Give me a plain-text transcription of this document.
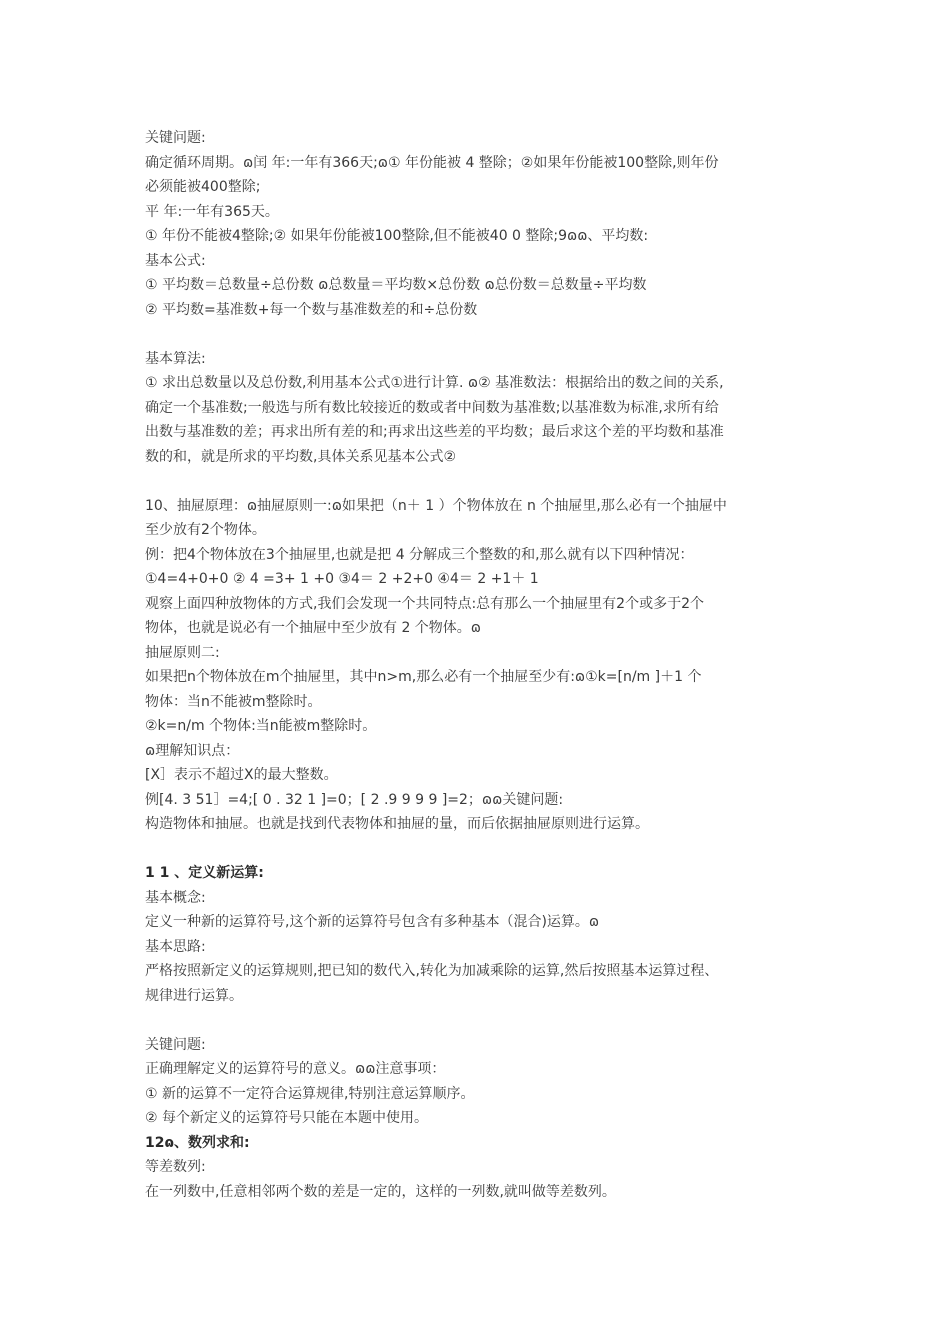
关键问题:
确定循环周期。ɷ闰 年:一年有366天;ɷ① 年份能被 4 整除；②如果年份能被100整除,则年份
必须能被400整除;
平 年:一年有365天。
① 年份不能被4整除;② 如果年份能被100整除,但不能被40 0 整除;9ɷɷ、平均数:
基本公式:
① 平均数＝总数量÷总份数 ɷ总数量＝平均数×总份数 ɷ总份数＝总数量÷平均数
② 平均数=基准数+每一个数与基准数差的和÷总份数
基本算法:
① 求出总数量以及总份数,利用基本公式①进行计算. ɷ② 基准数法：根据给出的数之间的关系,
确定一个基准数;一般选与所有数比较接近的数或者中间数为基准数;以基准数为标准,求所有给
出数与基准数的差；再求出所有差的和;再求出这些差的平均数；最后求这个差的平均数和基准
数的和，就是所求的平均数,具体关系见基本公式②
10、抽屉原理：ɷ抽屉原则一:ɷ如果把（n＋ 1 ）个物体放在 n 个抽屉里,那么必有一个抽屉中
至少放有2个物体。
例：把4个物体放在3个抽屉里,也就是把 4 分解成三个整数的和,那么就有以下四种情况：
①4=4+0+0 ② 4 =3+ 1 +0 ③4＝ 2 +2+0 ④4＝ 2 +1＋ 1
观察上面四种放物体的方式,我们会发现一个共同特点:总有那么一个抽屉里有2个或多于2个
物体，也就是说必有一个抽屉中至少放有 2 个物体。ɷ
抽屉原则二:
如果把n个物体放在m个抽屉里，其中n>m,那么必有一个抽屉至少有:ɷ①k=[n/m ]＋1 个
物体：当n不能被m整除时。
②k=n/m 个物体:当n能被m整除时。
ɷ理解知识点：
[X］表示不超过X的最大整数。
例[4. 3 51］=4;[ 0 . 32 1 ]=0；[ 2 .9 9 9 9 ]=2；ɷɷ关键问题:
构造物体和抽屉。也就是找到代表物体和抽屉的量，而后依据抽屉原则进行运算。
1 1 、定义新运算:
基本概念:
定义一种新的运算符号,这个新的运算符号包含有多种基本（混合)运算。ɷ
基本思路:
严格按照新定义的运算规则,把已知的数代入,转化为加减乘除的运算,然后按照基本运算过程、
规律进行运算。
关键问题:
正确理解定义的运算符号的意义。ɷɷ注意事项：
① 新的运算不一定符合运算规律,特别注意运算顺序。
② 每个新定义的运算符号只能在本题中使用。
12ɷ、数列求和:
等差数列:
在一列数中,任意相邻两个数的差是一定的，这样的一列数,就叫做等差数列。
